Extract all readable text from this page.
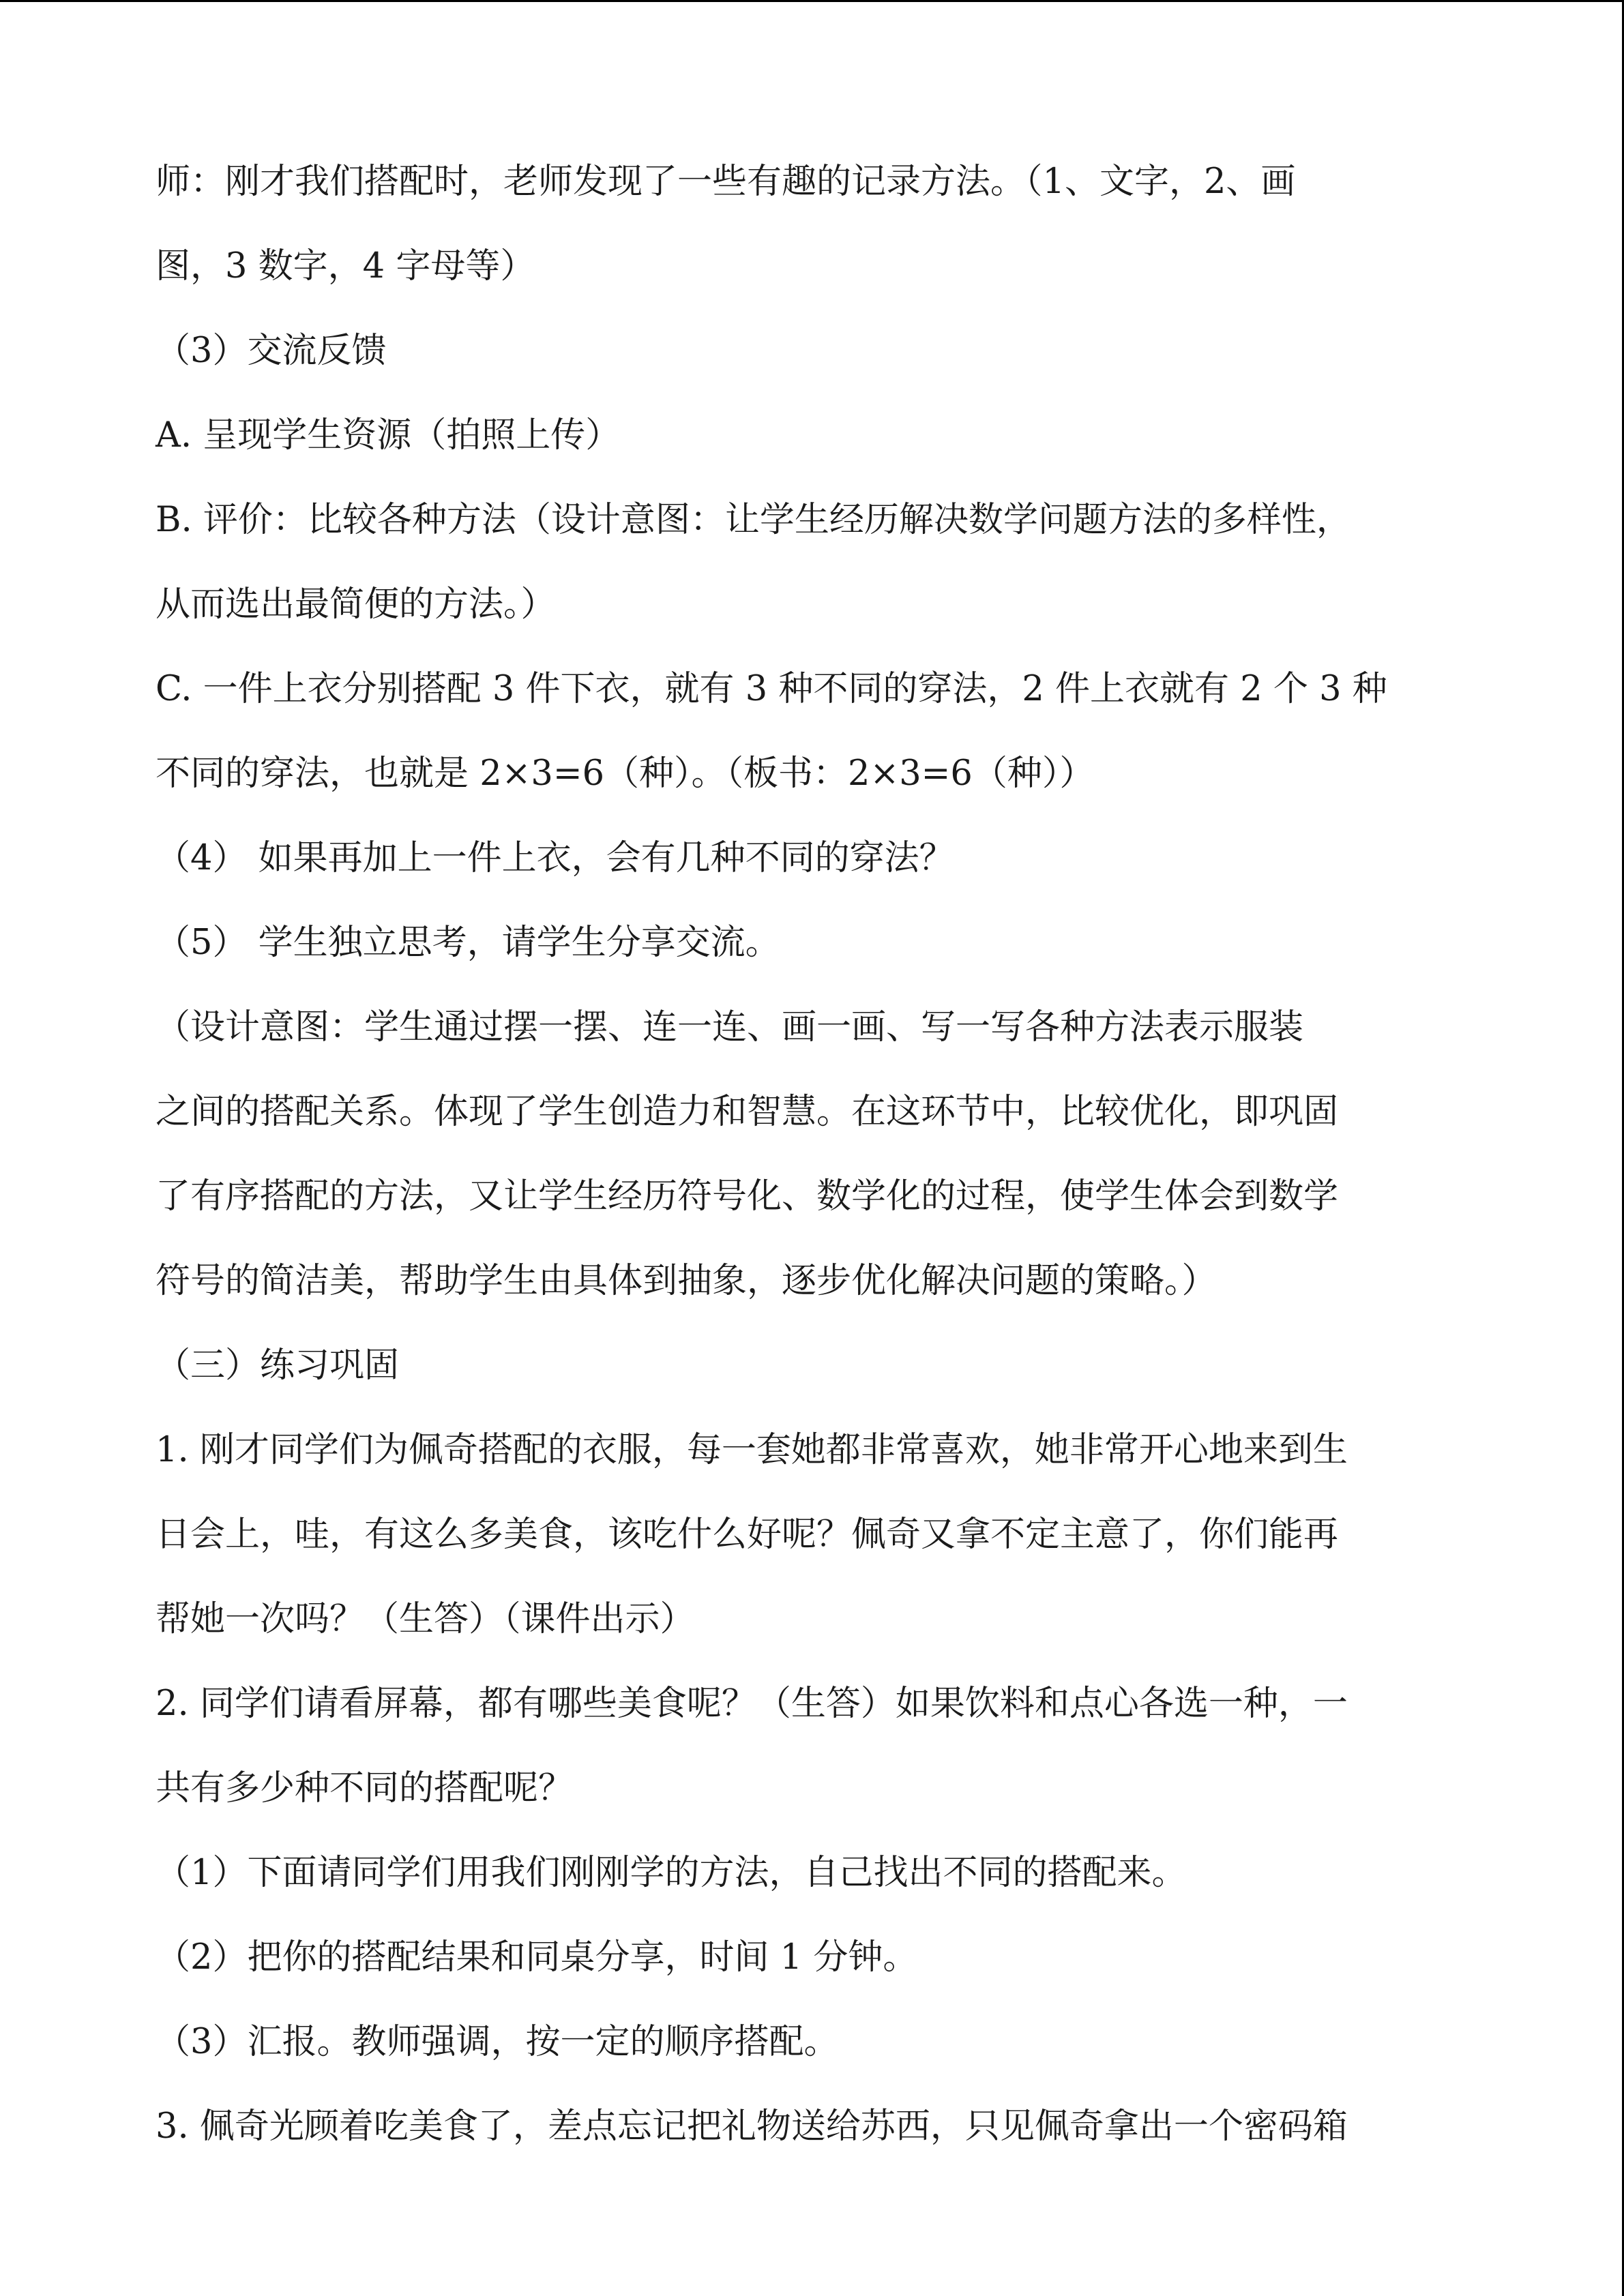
师：刚才我们搭配时，老师发现了一些有趣的记录方法。（1、文字，2、画
图，3 数字，4 字母等）
（3）交流反馈
A. 呈现学生资源（拍照上传）
B. 评价：比较各种方法（设计意图：让学生经历解决数学问题方法的多样性，
从而选出最简便的方法。）
C. 一件上衣分别搭配 3 件下衣，就有 3 种不同的穿法，2 件上衣就有 2 个 3 种
不同的穿法，也就是 2×3=6（种）。（板书：2×3=6（种））
（4） 如果再加上一件上衣，会有几种不同的穿法？
（5） 学生独立思考，请学生分享交流。
（设计意图：学生通过摆一摆、连一连、画一画、写一写各种方法表示服装
之间的搭配关系。体现了学生创造力和智慧。在这环节中，比较优化，即巩固
了有序搭配的方法，又让学生经历符号化、数学化的过程，使学生体会到数学
符号的简洁美，帮助学生由具体到抽象，逐步优化解决问题的策略。）
（三）练习巩固
1. 刚才同学们为佩奇搭配的衣服，每一套她都非常喜欢，她非常开心地来到生
日会上，哇，有这么多美食，该吃什么好呢？佩奇又拿不定主意了，你们能再
帮她一次吗？（生答）（课件出示）
2. 同学们请看屏幕，都有哪些美食呢？（生答）如果饮料和点心各选一种，一
共有多少种不同的搭配呢？
（1）下面请同学们用我们刚刚学的方法，自己找出不同的搭配来。
（2）把你的搭配结果和同桌分享，时间 1 分钟。
（3）汇报。教师强调，按一定的顺序搭配。
3. 佩奇光顾着吃美食了，差点忘记把礼物送给苏西，只见佩奇拿出一个密码箱
